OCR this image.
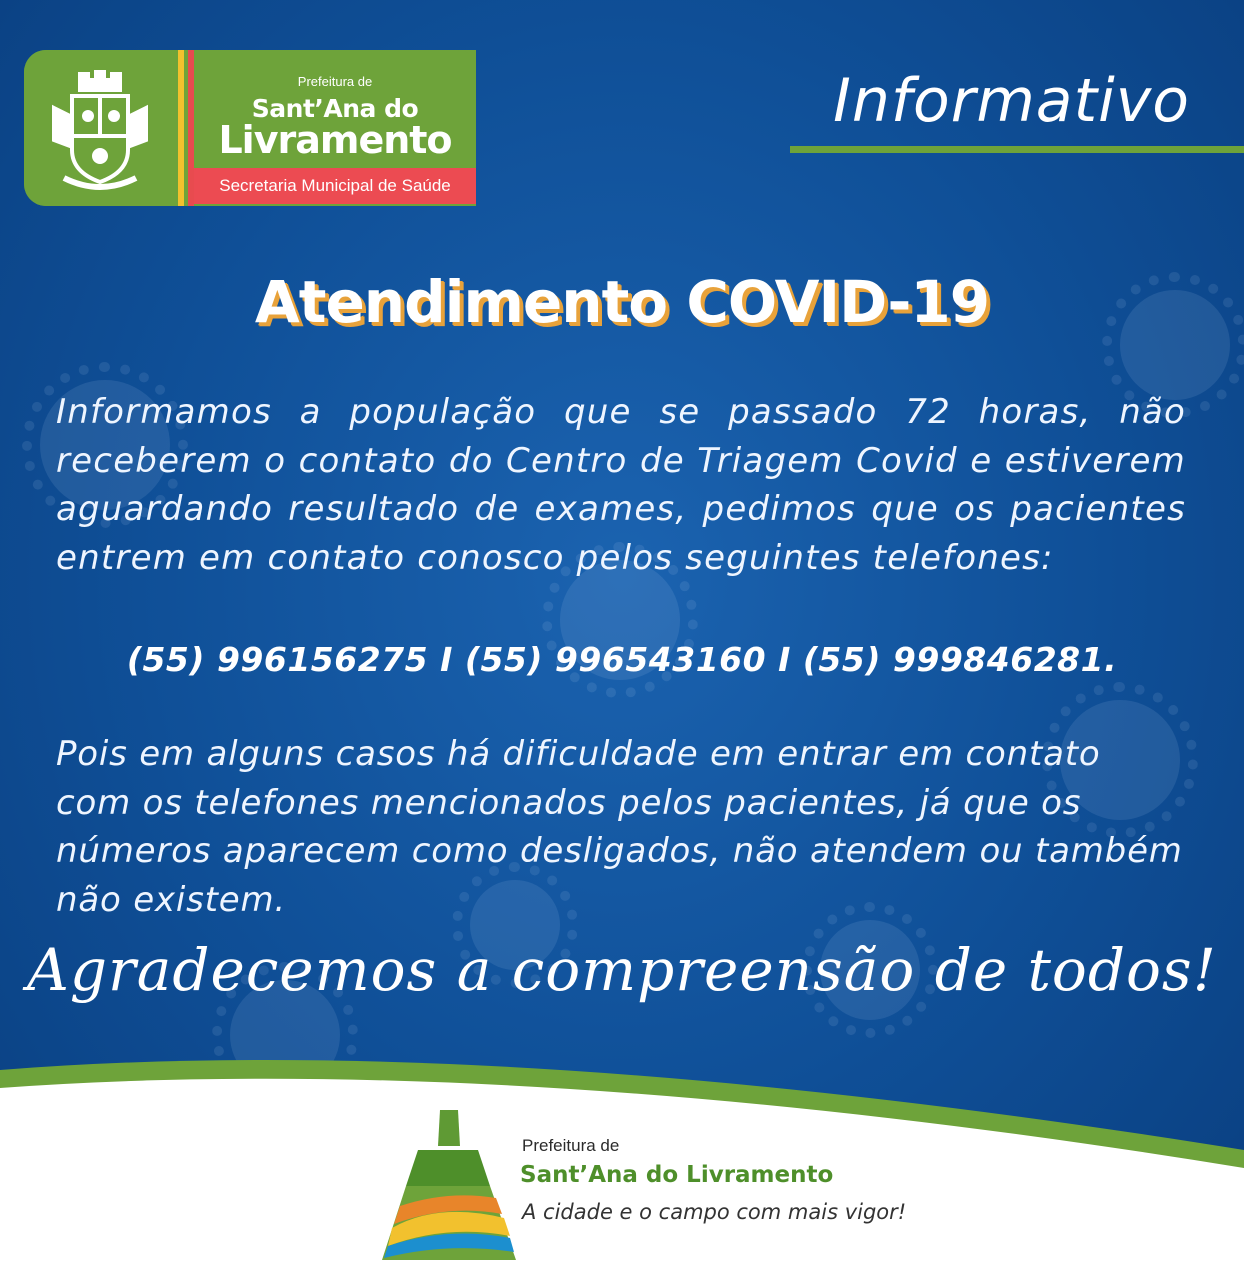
Prefeitura de
Sant’Ana do
Livramento
Secretaria Municipal de Saúde
Informativo
Atendimento COVID-19
Informamos a população que se passado 72 horas, não receberem o contato do Centro de Triagem Covid e estiverem aguardando resultado de exames, pedimos que os pacientes entrem em contato conosco pelos seguintes telefones:
(55) 996156275 I (55) 996543160 I (55) 999846281.
Pois em alguns casos há dificuldade em entrar em contato com os telefones mencionados pelos pacientes, já que os números aparecem como desligados, não atendem ou também não existem.
Agradecemos a compreensão de todos!
Prefeitura de
Sant’Ana do Livramento
A cidade e o campo com mais vigor!
